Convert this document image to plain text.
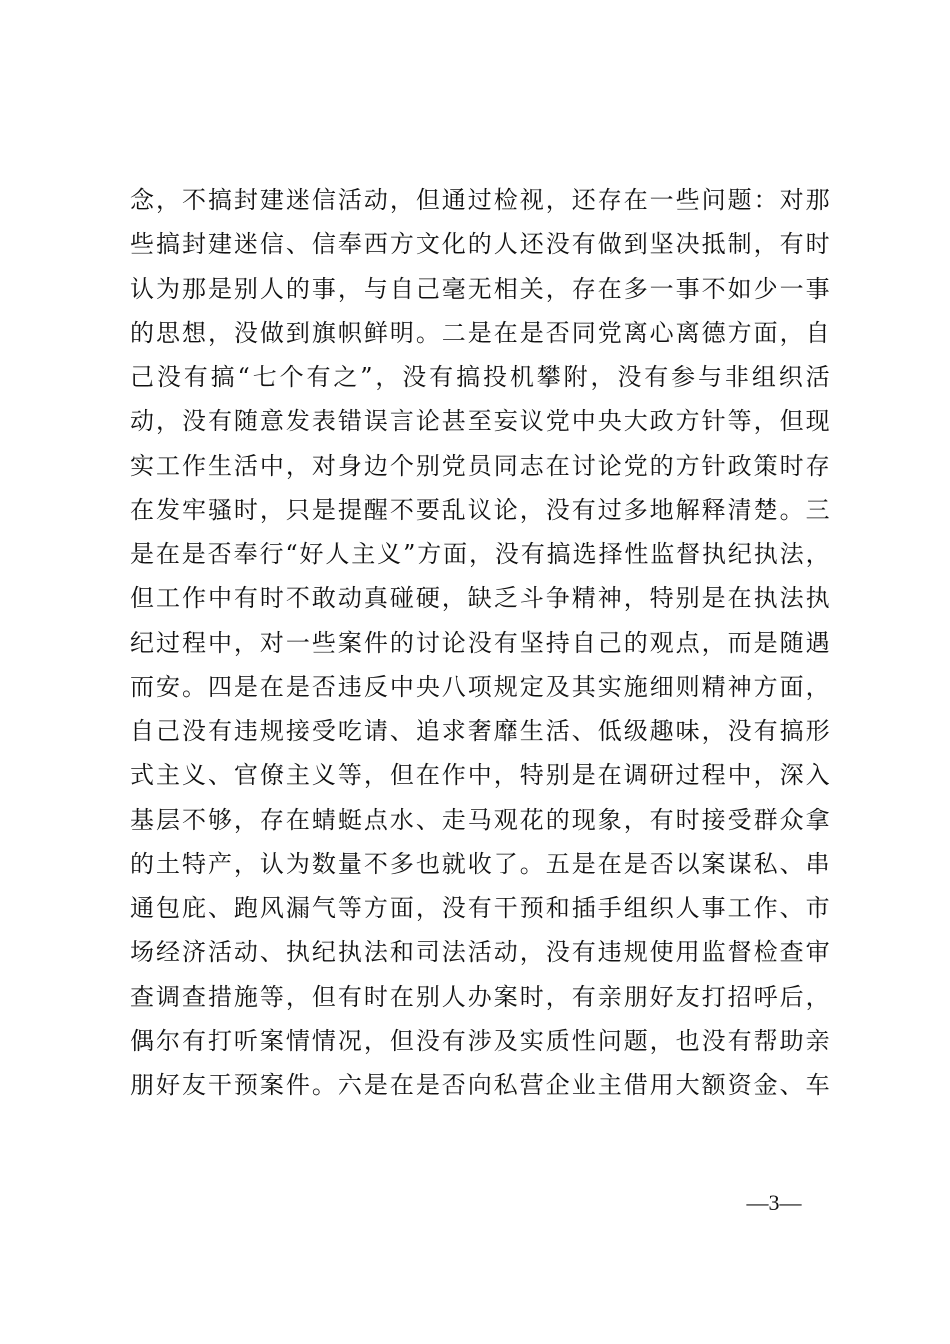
念，不搞封建迷信活动，但通过检视，还存在一些问题：对那
些搞封建迷信、信奉西方文化的人还没有做到坚决抵制，有时
认为那是别人的事，与自己毫无相关，存在多一事不如少一事
的思想，没做到旗帜鲜明。二是在是否同党离心离德方面，自
己没有搞“七个有之”，没有搞投机攀附，没有参与非组织活
动，没有随意发表错误言论甚至妄议党中央大政方针等，但现
实工作生活中，对身边个别党员同志在讨论党的方针政策时存
在发牢骚时，只是提醒不要乱议论，没有过多地解释清楚。三
是在是否奉行“好人主义”方面，没有搞选择性监督执纪执法，
但工作中有时不敢动真碰硬，缺乏斗争精神，特别是在执法执
纪过程中，对一些案件的讨论没有坚持自己的观点，而是随遇
而安。四是在是否违反中央八项规定及其实施细则精神方面，
自己没有违规接受吃请、追求奢靡生活、低级趣味，没有搞形
式主义、官僚主义等，但在作中，特别是在调研过程中，深入
基层不够，存在蜻蜓点水、走马观花的现象，有时接受群众拿
的土特产，认为数量不多也就收了。五是在是否以案谋私、串
通包庇、跑风漏气等方面，没有干预和插手组织人事工作、市
场经济活动、执纪执法和司法活动，没有违规使用监督检查审
查调查措施等，但有时在别人办案时，有亲朋好友打招呼后，
偶尔有打听案情情况，但没有涉及实质性问题，也没有帮助亲
朋好友干预案件。六是在是否向私营企业主借用大额资金、车
—3—
